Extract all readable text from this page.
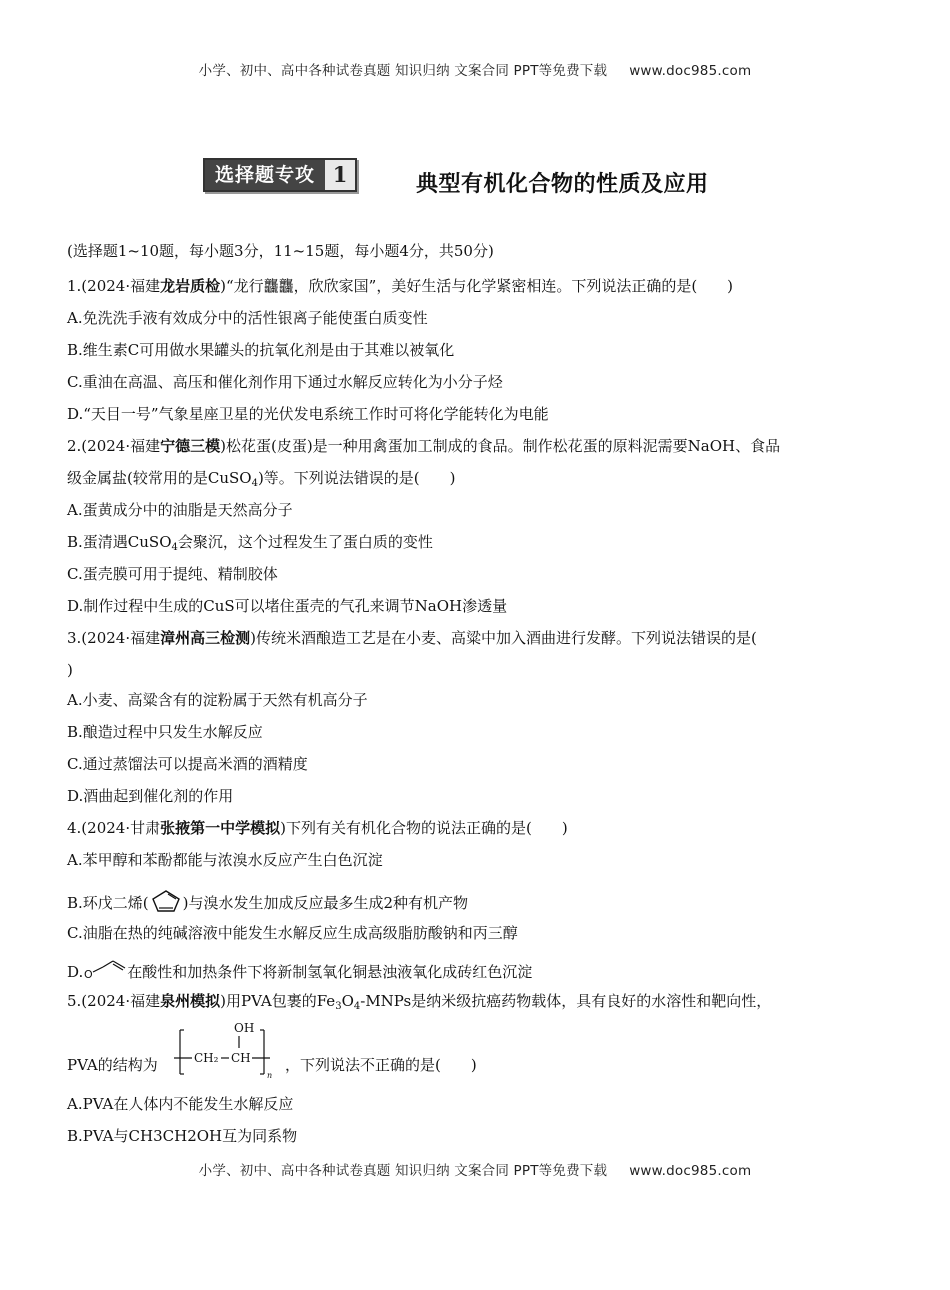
小学、初中、高中各种试卷真题 知识归纳 文案合同 PPT等免费下载 www.doc985.com
选择题专攻 1	典型有机化合物的性质及应用
(选择题1~10题，每小题3分，11~15题，每小题4分，共50分)
1.(2024·福建龙岩质检)“龙行龘龘，欣欣家国”，美好生活与化学紧密相连。下列说法正确的是(　　)
A.免洗洗手液有效成分中的活性银离子能使蛋白质变性
B.维生素C可用做水果罐头的抗氧化剂是由于其难以被氧化
C.重油在高温、高压和催化剂作用下通过水解反应转化为小分子烃
D.“天目一号”气象星座卫星的光伏发电系统工作时可将化学能转化为电能
2.(2024·福建宁德三模)松花蛋(皮蛋)是一种用禽蛋加工制成的食品。制作松花蛋的原料泥需要NaOH、食品
级金属盐(较常用的是CuSO$_4$)等。下列说法错误的是(　　)
A.蛋黄成分中的油脂是天然高分子
B.蛋清遇CuSO$_4$会聚沉，这个过程发生了蛋白质的变性
C.蛋壳膜可用于提纯、精制胶体
D.制作过程中生成的CuS可以堵住蛋壳的气孔来调节NaOH渗透量
3.(2024·福建漳州高三检测)传统米酒酿造工艺是在小麦、高粱中加入酒曲进行发酵。下列说法错误的是(
)
A.小麦、高粱含有的淀粉属于天然有机高分子
B.酿造过程中只发生水解反应
C.通过蒸馏法可以提高米酒的酒精度
D.酒曲起到催化剂的作用
4.(2024·甘肃张掖第一中学模拟)下列有关有机化合物的说法正确的是(　　)
A.苯甲醇和苯酚都能与浓溴水反应产生白色沉淀
B.环戊二烯( )与溴水发生加成反应最多生成2种有机产物
C.油脂在热的纯碱溶液中能发生水解反应生成高级脂肪酸钠和丙三醇
D. O 在酸性和加热条件下将新制氢氧化铜悬浊液氧化成砖红色沉淀
5.(2024·福建泉州模拟)用PVA包裹的$Fe_3O_4$-MNPs是纳米级抗癌药物载体，具有良好的水溶性和靶向性，
PVA的结构为	CH₂ CH
OH
n
，下列说法不正确的是(　　)
A.PVA在人体内不能发生水解反应
B.PVA与CH3CH2OH互为同系物
小学、初中、高中各种试卷真题 知识归纳 文案合同 PPT等免费下载 www.doc985.com
